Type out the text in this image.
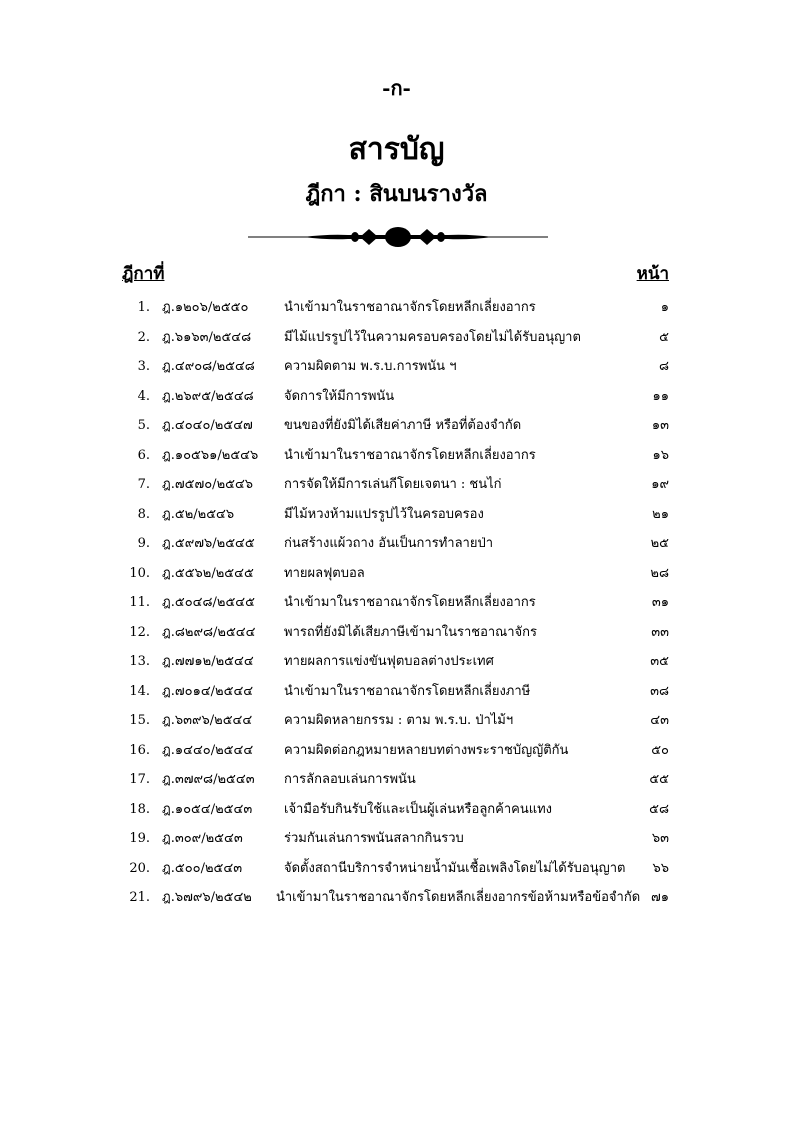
-ก-
สารบัญ
ฎีกา : สินบนรางวัล
ฎีกาที่	หน้า
1. ฎ.๑๒๐๖/๒๕๕๐	นำเข้ามาในราชอาณาจักรโดยหลีกเลี่ยงอากร	๑
2. ฎ.๖๑๖๓/๒๕๔๘	มีไม้แปรรูปไว้ในความครอบครองโดยไม่ได้รับอนุญาต	๕
3. ฎ.๔๙๐๘/๒๕๔๘ ความผิดตาม พ.ร.บ.การพนัน ฯ	๘
4. ฎ.๒๖๙๕/๒๕๔๘ จัดการให้มีการพนัน	๑๑
5. ฎ.๔๐๔๐/๒๕๔๗ ขนของที่ยังมิได้เสียค่าภาษี หรือที่ต้องจำกัด	๑๓
6. ฎ.๑๐๕๖๑/๒๕๔๖ นำเข้ามาในราชอาณาจักรโดยหลีกเลี่ยงอากร	๑๖
7. ฎ.๗๕๗๐/๒๕๔๖ การจัดให้มีการเล่นกีโดยเจตนา : ชนไก่	๑๙
8. ฎ.๕๒/๒๕๔๖	มีไม้หวงห้ามแปรรูปไว้ในครอบครอง	๒๑
9. ฎ.๕๙๗๖/๒๕๔๕ ก่นสร้างแผ้วถาง อันเป็นการทำลายป่า	๒๕
10. ฎ.๕๕๖๒/๒๕๔๕ ทายผลฟุตบอล	๒๘
11. ฎ.๕๐๔๘/๒๕๔๕ นำเข้ามาในราชอาณาจักรโดยหลีกเลี่ยงอากร	๓๑
12. ฎ.๘๒๙๘/๒๕๔๔ พารถที่ยังมิได้เสียภาษีเข้ามาในราชอาณาจักร	๓๓
13. ฎ.๗๗๑๒/๒๕๔๔ ทายผลการแข่งขันฟุตบอลต่างประเทศ	๓๕
14. ฎ.๗๐๑๔/๒๕๔๔ นำเข้ามาในราชอาณาจักรโดยหลีกเลี่ยงภาษี	๓๘
15. ฎ.๖๓๙๖/๒๕๔๔ ความผิดหลายกรรม : ตาม พ.ร.บ. ป่าไม้ฯ	๔๓
16. ฎ.๑๔๔๐/๒๕๔๔ ความผิดต่อกฎหมายหลายบทต่างพระราชบัญญัติกัน	๕๐
17. ฎ.๓๗๙๘/๒๕๔๓ การลักลอบเล่นการพนัน	๕๕
18. ฎ.๑๐๕๔/๒๕๔๓ เจ้ามือรับกินรับใช้และเป็นผู้เล่นหรือลูกค้าคนแทง	๕๘
19. ฎ.๓๐๙/๒๕๔๓	ร่วมกันเล่นการพนันสลากกินรวบ	๖๓
20. ฎ.๕๐๐/๒๕๔๓	จัดตั้งสถานีบริการจำหน่ายน้ำมันเชื้อเพลิงโดยไม่ได้รับอนุญาต ๖๖
21. ฎ.๖๗๙๖/๒๕๔๒ นำเข้ามาในราชอาณาจักรโดยหลีกเลี่ยงอากรข้อห้ามหรือข้อจำกัด ๗๑
